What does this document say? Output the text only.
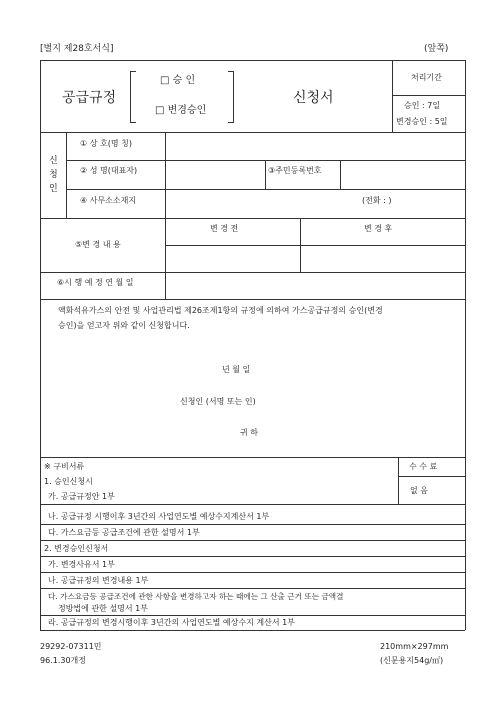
[별지 제28호서식]	(앞쪽)
공급규정
□ 승 인
□ 변경승인
신청서
처리기간
승인 : 7일
변경승인 : 5일
신
청
인
① 상 호(명 칭)
② 성 명(대표자)	③주민등록번호
④ 사무소소재지	(전화 : )
변 경 전	변 경 후
⑤변 경 내 용
⑥시 행 예 정 연 월 일
액화석유가스의 안전 및 사업관리법 제26조제1항의 규정에 의하여 가스공급규정의 승인(변경
승인)을 얻고자 위와 같이 신청합니다.
년 월 일
신청인 (서명 또는 인)
귀 하
수 수 료
없 음
※ 구비서류
1. 승인신청시
가. 공급규정안 1부
나. 공급규정 시행이후 3년간의 사업연도별 예상수지계산서 1부
다. 가스요금등 공급조건에 관한 설명서 1부
2. 변경승인신청서
가. 변경사유서 1부
나. 공급규정의 변경내용 1부
다. 가스요금등 공급조건에 관한 사항을 변경하고자 하는 때에는 그 산출 근거 또는 금액결
정방법에 관한 설명서 1부
라. 공급규정의 변경시행이후 3년간의 사업연도별 예상수지 계산서 1부
29292-07311민
96.1.30개정
210mm×297mm
(신문용지54g/㎡)
